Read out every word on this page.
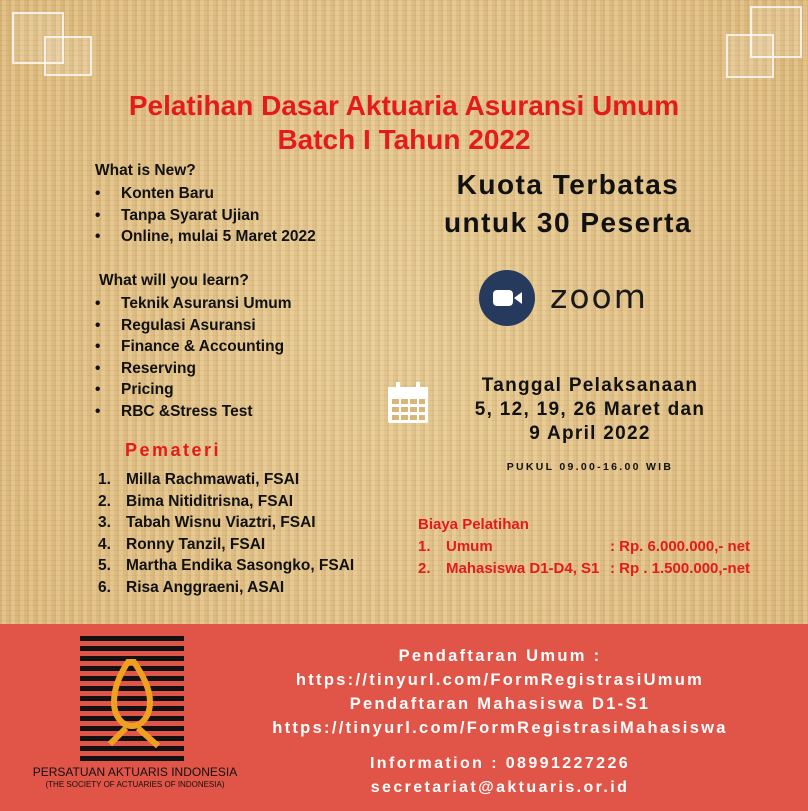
Pelatihan Dasar Aktuaria Asuransi Umum
Batch I Tahun 2022
What is New?
• Konten Baru
• Tanpa Syarat Ujian
• Online, mulai 5 Maret 2022
What will you learn?
• Teknik Asuransi Umum
• Regulasi Asuransi
• Finance & Accounting
• Reserving
• Pricing
• RBC &Stress Test
Pemateri
1. Milla Rachmawati, FSAI
2. Bima Nitiditrisna, FSAI
3. Tabah Wisnu Viaztri, FSAI
4. Ronny Tanzil, FSAI
5. Martha Endika Sasongko, FSAI
6. Risa Anggraeni, ASAI
Kuota Terbatas
untuk 30 Peserta
zoom
Tanggal Pelaksanaan
5, 12, 19, 26 Maret dan
9 April 2022
PUKUL 09.00-16.00 WIB
Biaya Pelatihan
1. Umum	: Rp. 6.000.000,- net
2. Mahasiswa D1-D4, S1 : Rp . 1.500.000,-net
PERSATUAN AKTUARIS INDONESIA
(THE SOCIETY OF ACTUARIES OF INDONESIA)
Pendaftaran Umum :
https://tinyurl.com/FormRegistrasiUmum
Pendaftaran Mahasiswa D1-S1
https://tinyurl.com/FormRegistrasiMahasiswa
Information : 08991227226
secretariat@aktuaris.or.id
